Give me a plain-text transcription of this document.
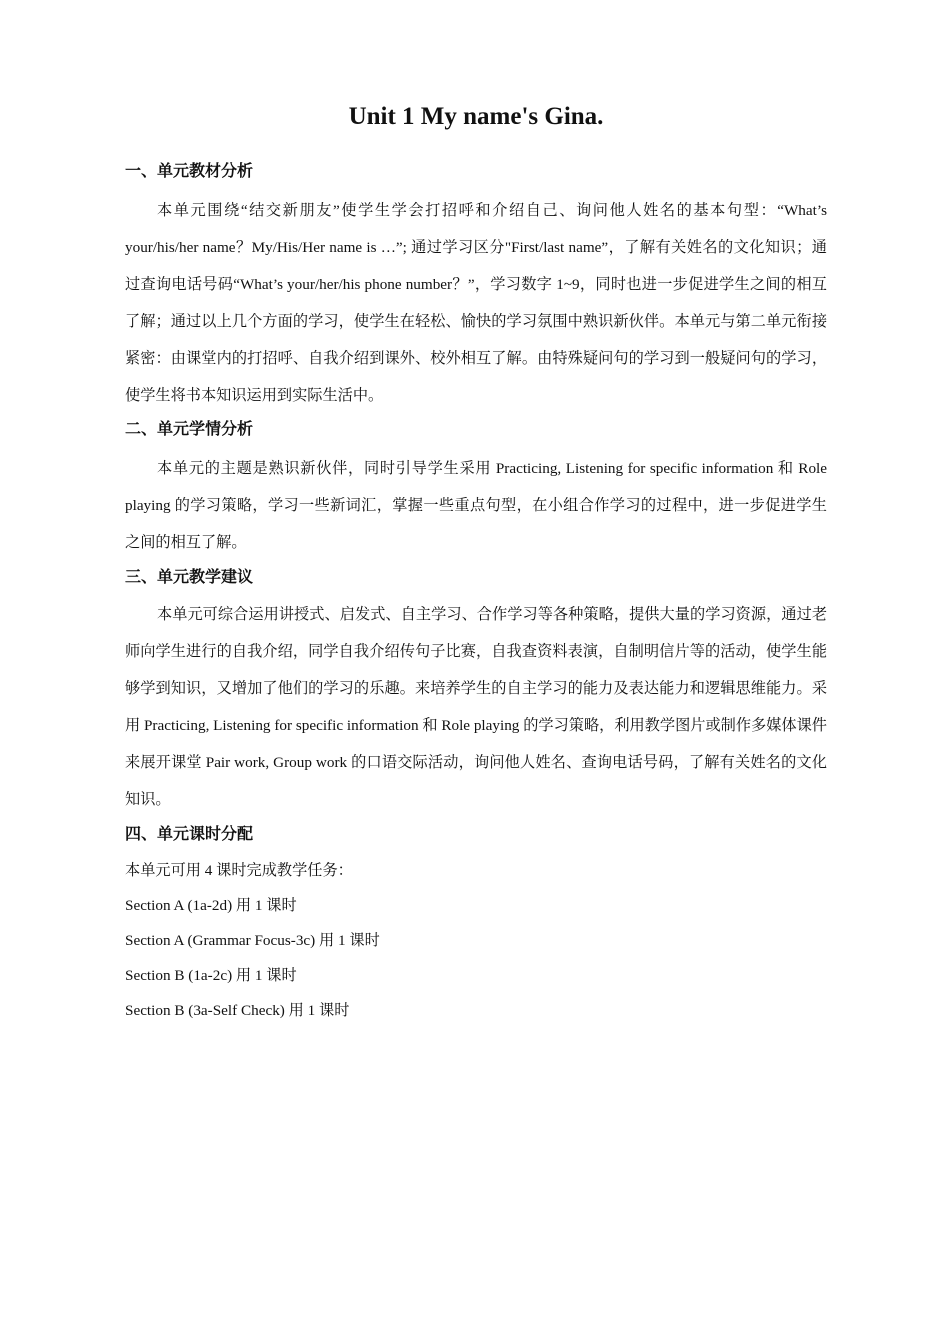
Unit 1 My name's Gina.
一、单元教材分析

本单元围绕“结交新朋友”使学生学会打招呼和介绍自己、询问他人姓名的基本句型：“What’s your/his/her name？My/His/Her name is …”; 通过学习区分"First/last name”，了解有关姓名的文化知识；通过查询电话号码“What’s your/her/his phone number？”，学习数字 1~9，同时也进一步促进学生之间的相互了解；通过以上几个方面的学习，使学生在轻松、愉快的学习氛围中熟识新伙伴。本单元与第二单元衔接紧密：由课堂内的打招呼、自我介绍到课外、校外相互了解。由特殊疑问句的学习到一般疑问句的学习，使学生将书本知识运用到实际生活中。

二、单元学情分析

本单元的主题是熟识新伙伴，同时引导学生采用 Practicing, Listening for specific information 和 Role playing 的学习策略，学习一些新词汇，掌握一些重点句型，在小组合作学习的过程中，进一步促进学生之间的相互了解。

三、单元教学建议

本单元可综合运用讲授式、启发式、自主学习、合作学习等各种策略，提供大量的学习资源，通过老师向学生进行的自我介绍，同学自我介绍传句子比赛，自我查资料表演，自制明信片等的活动，使学生能够学到知识，又增加了他们的学习的乐趣。来培养学生的自主学习的能力及表达能力和逻辑思维能力。采用 Practicing, Listening for specific information 和 Role playing 的学习策略，利用教学图片或制作多媒体课件来展开课堂 Pair work, Group work 的口语交际活动，询问他人姓名、查询电话号码，了解有关姓名的文化知识。

四、单元课时分配
本单元可用 4 课时完成教学任务：
Section A (1a-2d) 用 1 课时
Section A (Grammar Focus-3c) 用 1 课时
Section B (1a-2c) 用 1 课时
Section B (3a-Self Check) 用 1 课时
